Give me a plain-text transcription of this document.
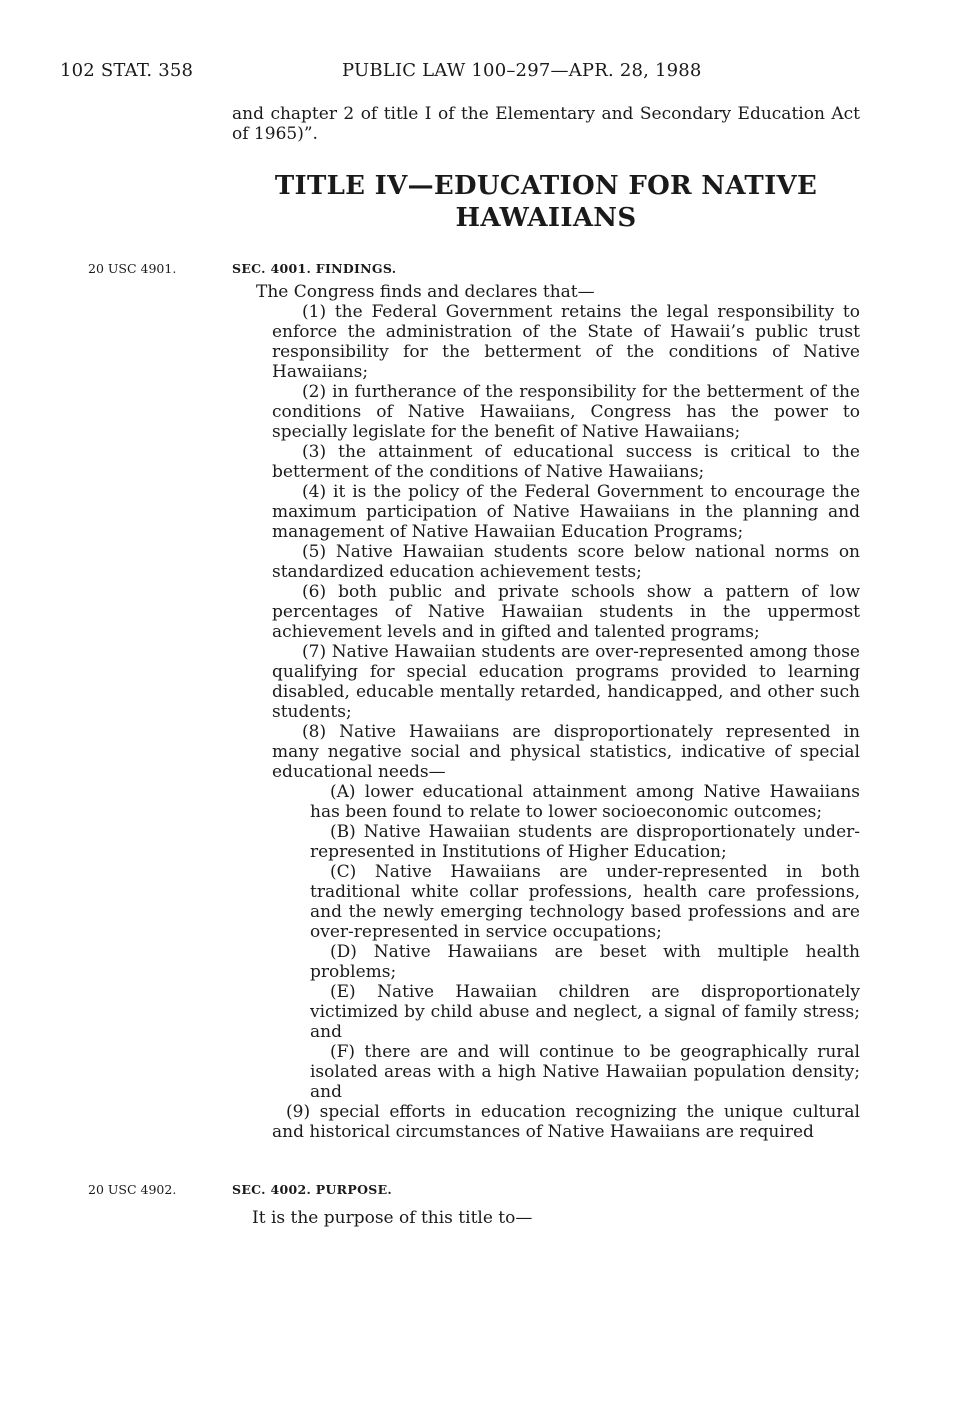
102 STAT. 358	PUBLIC LAW 100–297—APR. 28, 1988
and chapter 2 of title I of the Elementary and Secondary Education Act of 1965)”.
TITLE IV—EDUCATION FOR NATIVE
HAWAIIANS
20 USC 4901.	SEC. 4001. FINDINGS.

The Congress finds and declares that—

(1) the Federal Government retains the legal responsibility to enforce the administration of the State of Hawaii’s public trust responsibility for the betterment of the conditions of Native Hawaiians;

(2) in furtherance of the responsibility for the betterment of the conditions of Native Hawaiians, Congress has the power to specially legislate for the benefit of Native Hawaiians;

(3) the attainment of educational success is critical to the betterment of the conditions of Native Hawaiians;

(4) it is the policy of the Federal Government to encourage the maximum participation of Native Hawaiians in the planning and management of Native Hawaiian Education Programs;

(5) Native Hawaiian students score below national norms on standardized education achievement tests;

(6) both public and private schools show a pattern of low percentages of Native Hawaiian students in the uppermost achievement levels and in gifted and talented programs;

(7) Native Hawaiian students are over-represented among those qualifying for special education programs provided to learning disabled, educable mentally retarded, handicapped, and other such students;

(8) Native Hawaiians are disproportionately represented in many negative social and physical statistics, indicative of special educational needs—

(A) lower educational attainment among Native Hawaiians has been found to relate to lower socioeconomic outcomes;

(B) Native Hawaiian students are disproportionately under-represented in Institutions of Higher Education;

(C) Native Hawaiians are under-represented in both traditional white collar professions, health care professions, and the newly emerging technology based professions and are over-represented in service occupations;

(D) Native Hawaiians are beset with multiple health problems;

(E) Native Hawaiian children are disproportionately victimized by child abuse and neglect, a signal of family stress; and

(F) there are and will continue to be geographically rural isolated areas with a high Native Hawaiian population density; and

(9) special efforts in education recognizing the unique cultural and historical circumstances of Native Hawaiians are required

20 USC 4902.	SEC. 4002. PURPOSE.
It is the purpose of this title to—
